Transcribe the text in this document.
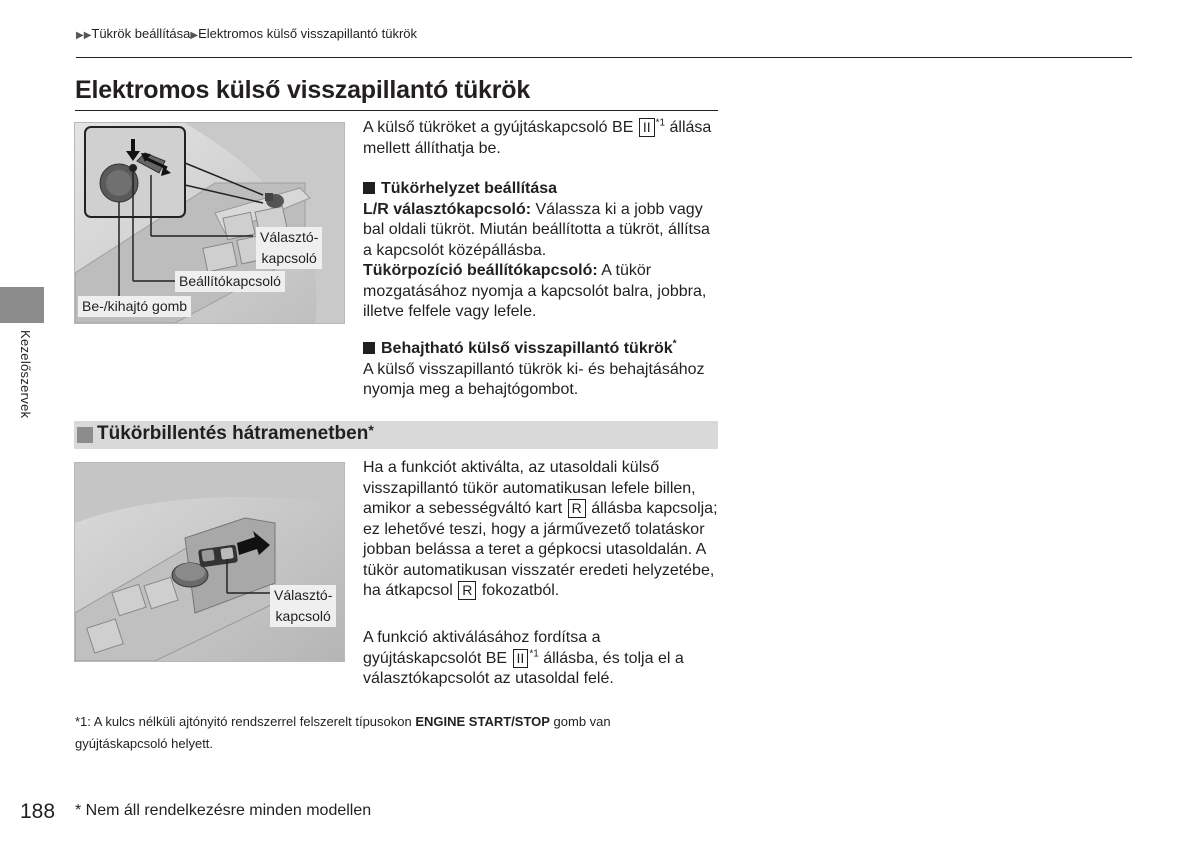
▶▶Tükrök beállítása▶Elektromos külső visszapillantó tükrök
Elektromos külső visszapillantó tükrök
Kezelőszervek
Választó-
kapcsoló
Beállítókapcsoló
Be-/kihajtó gomb
A külső tükröket a gyújtáskapcsoló BE II $^{*1}$ állása
mellett állíthatja be.
Tükörhelyzet beállítása
L/R választókapcsoló: Válassza ki a jobb vagy
bal oldali tükröt. Miután beállította a tükröt, állítsa
a kapcsolót középállásba.
Tükörpozíció beállítókapcsoló: A tükör
mozgatásához nyomja a kapcsolót balra, jobbra,
illetve felfele vagy lefele.
Behajtható külső visszapillantó tükrök*
A külső visszapillantó tükrök ki- és behajtásához
nyomja meg a behajtógombot.
Tükörbillentés hátramenetben*
Választó-
kapcsoló
Ha a funkciót aktiválta, az utasoldali külső
visszapillantó tükör automatikusan lefele billen,
amikor a sebességváltó kart R állásba kapcsolja;
ez lehetővé teszi, hogy a járművezető tolatáskor
jobban belássa a teret a gépkocsi utasoldalán. A
tükör automatikusan visszatér eredeti helyzetébe,
ha átkapcsol R fokozatból.
A funkció aktiválásához fordítsa a
gyújtáskapcsolót BE II $^{*1}$ állásba, és tolja el a
választókapcsolót az utasoldal felé.
*1: A kulcs nélküli ajtónyitó rendszerrel felszerelt típusokon ENGINE START/STOP gomb van
gyújtáskapcsoló helyett.
188 * Nem áll rendelkezésre minden modellen
